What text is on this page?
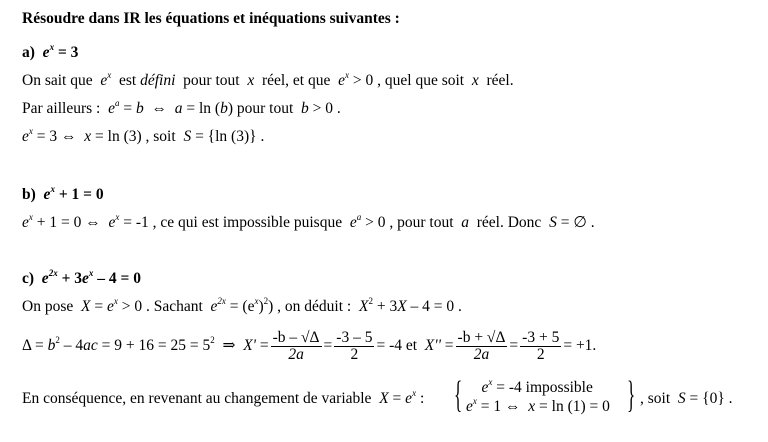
Résoudre dans IR les équations et inéquations suivantes :
a) $e^x = 3$
On sait que $e^x$ est défini pour tout x réel, et que $e^x > 0$ , quel que soit x réel.
Par ailleurs : $e^a = b$ ⇔ a = ln (b) pour tout b > 0 .
$e^x = 3$ ⇔ x = ln (3) , soit S = {ln (3)} .
b) $e^x + 1 = 0$
$e^x + 1 = 0$ ⇔ $e^x = -1$ , ce qui est impossible puisque $e^a > 0$ , pour tout a réel. Donc S = ∅ .
c) $e^{2x} + 3e^x - 4 = 0$
On pose $X = e^x > 0$ . Sachant $e^{2x} = (e^x)^2$) , on déduit : $X^2 + 3X - 4 = 0$ .
$\Delta = b^2 - 4ac = 9 + 16 = 25 = 5^2$ ⇒ $X' = \frac{-b - √\Delta}{2a} = \frac{-3 - 5}{2} = -4$ et $X'' = \frac{-b + √\Delta}{2a} = \frac{-3 + 5}{2} = +1$.
En conséquence, en revenant au changement de variable $X = e^x$ : {	$e^x = -4$ impossible
$e^x = 1$ ⇔ x = ln (1) = 0 } , soit S = {0} .
